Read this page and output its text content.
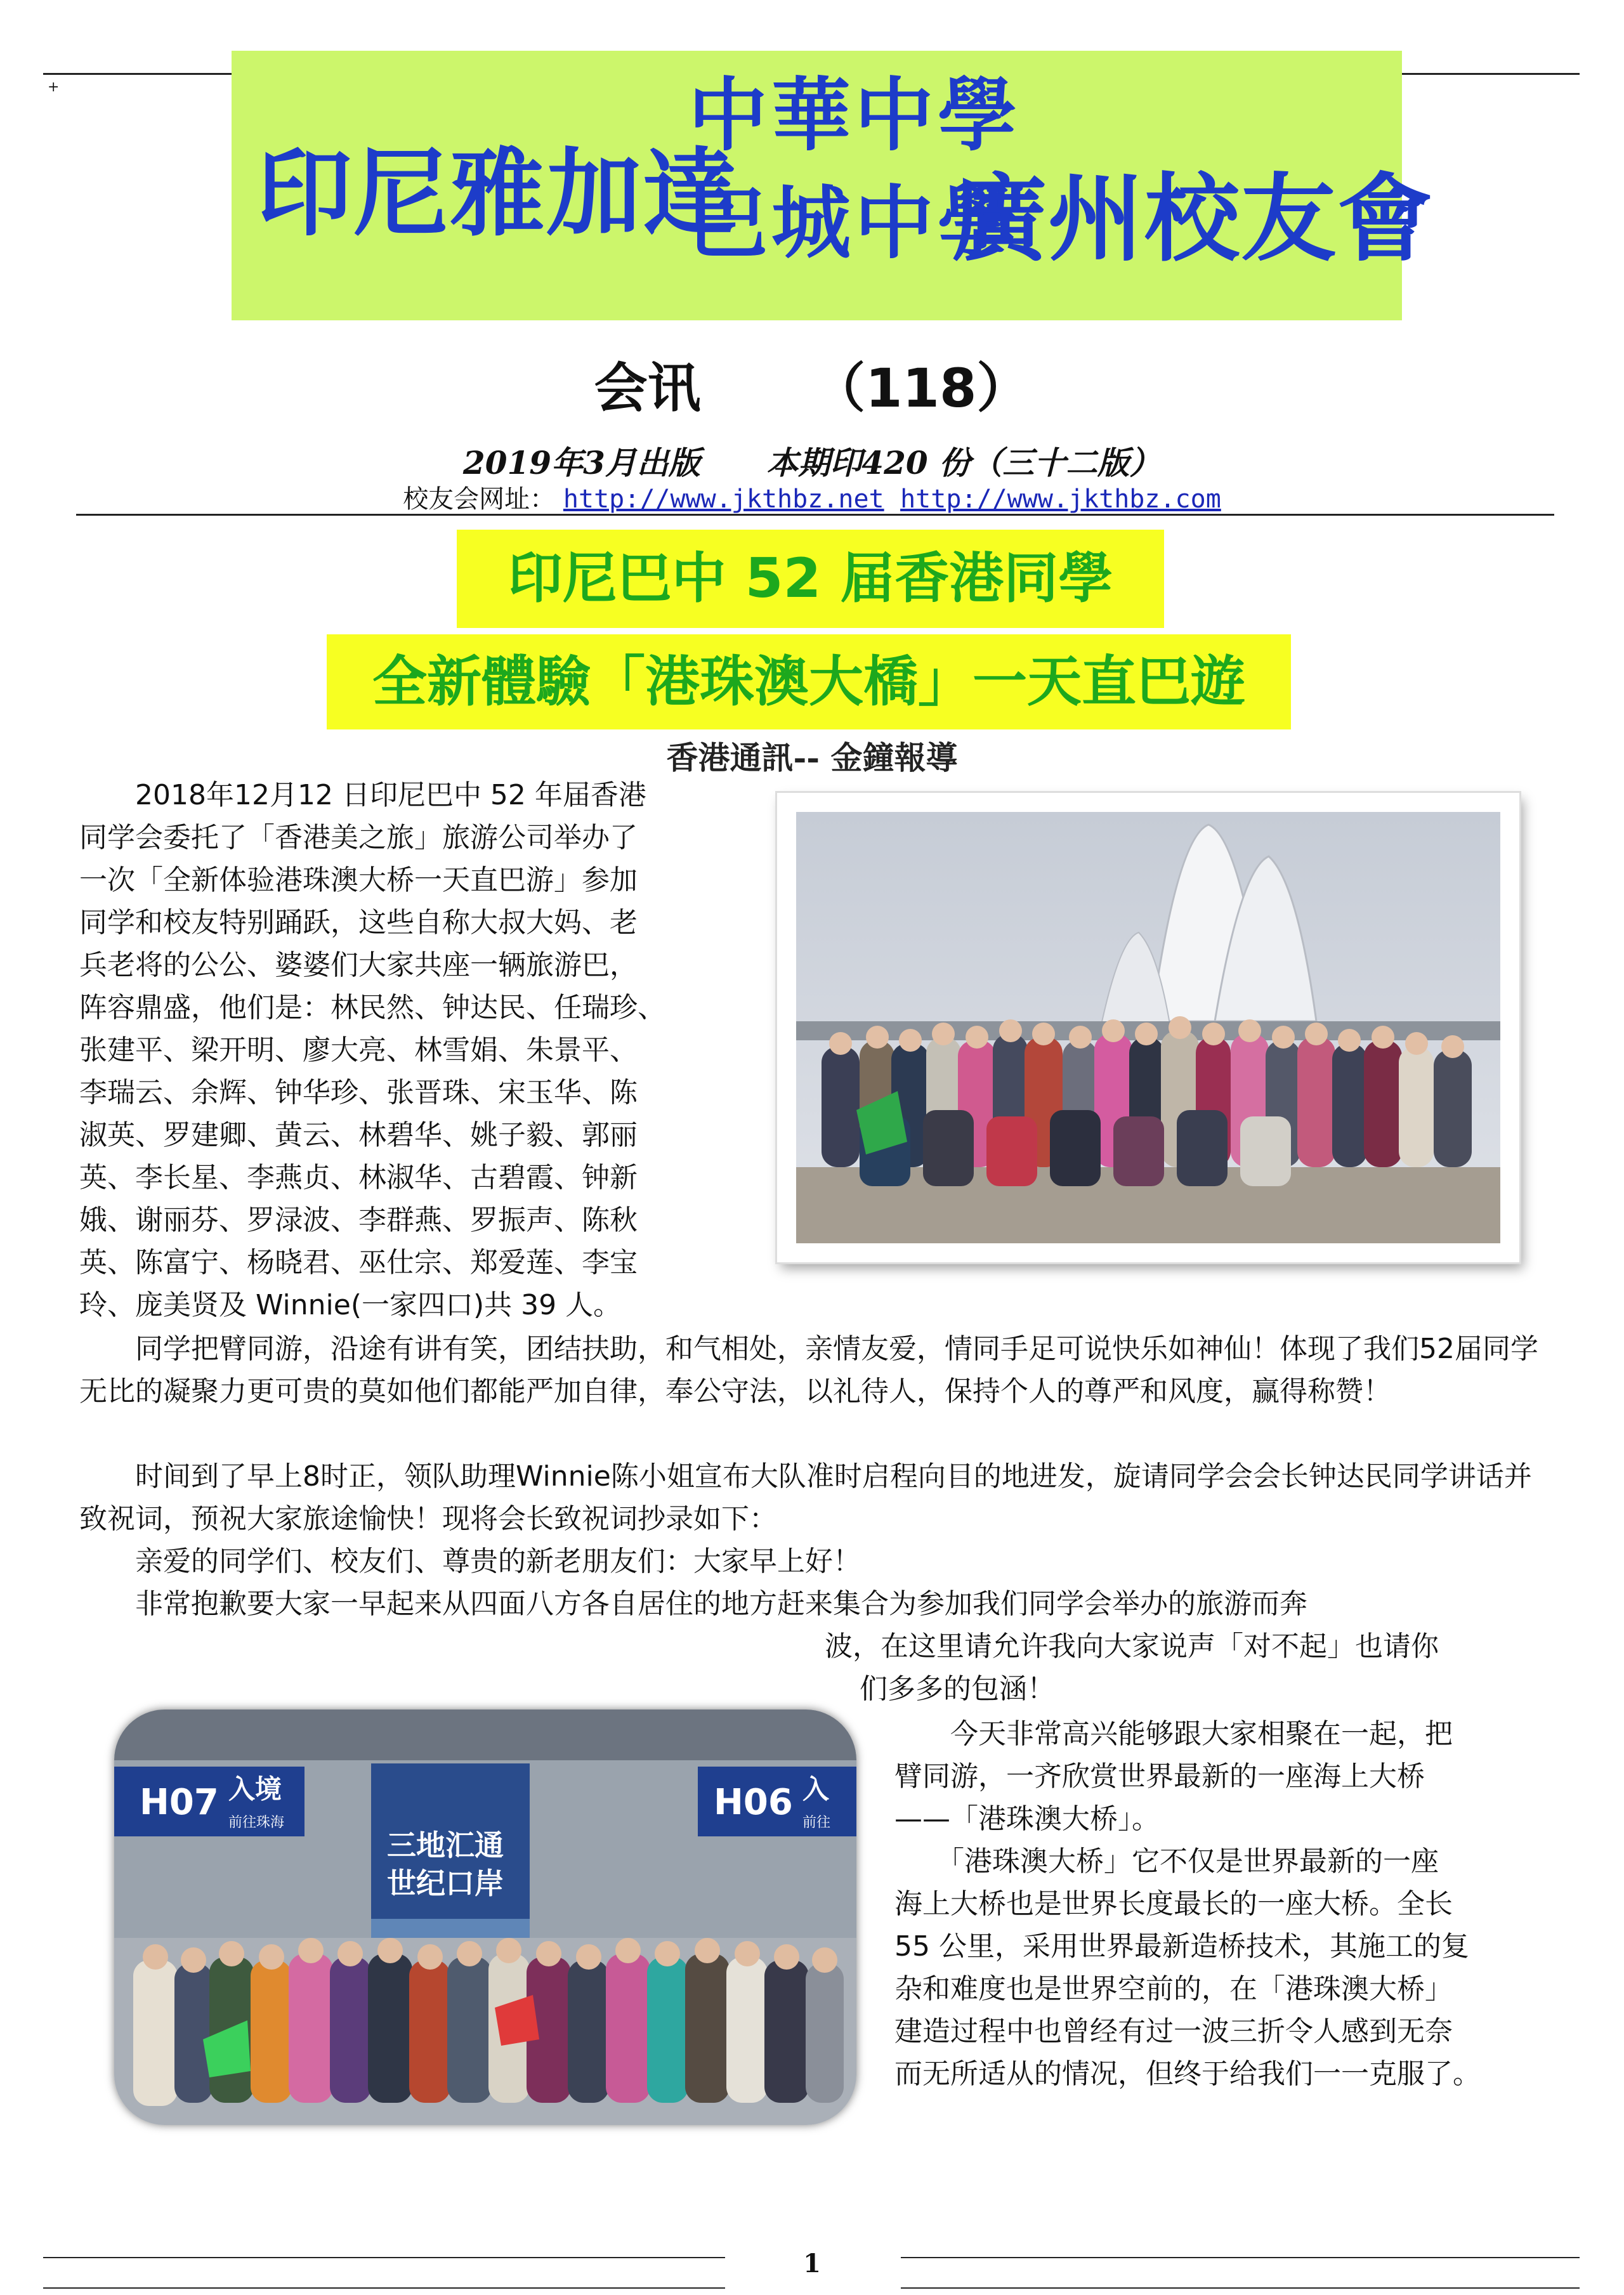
+
印尼雅加達
中華中學
巴城中學
廣州校友會
会讯 （118）
2019年3月出版 本期印420 份（三十二版）
校友会网址： http://www.jkthbz.net http://www.jkthbz.com
印尼巴中 52 届香港同學
全新體驗「港珠澳大橋」一天直巴遊
香港通訊-- 金鐘報導
　　2018年12月12 日印尼巴中 52 年届香港
同学会委托了「香港美之旅」旅游公司举办了
一次「全新体验港珠澳大桥一天直巴游」参加
同学和校友特别踊跃，这些自称大叔大妈、老
兵老将的公公、婆婆们大家共座一辆旅游巴，
阵容鼎盛，他们是：林民然、钟达民、任瑞珍、
张建平、梁开明、廖大亮、林雪娟、朱景平、
李瑞云、余辉、钟华珍、张晋珠、宋玉华、陈
淑英、罗建卿、黄云、林碧华、姚子毅、郭丽
英、李长星、李燕贞、林淑华、古碧霞、钟新
娥、谢丽芬、罗渌波、李群燕、罗振声、陈秋
英、陈富宁、杨晓君、巫仕宗、郑爱莲、李宝
玲、庞美贤及 Winnie(一家四口)共 39 人。

　　同学把臂同游，沿途有讲有笑，团结扶助，和气相处，亲情友爱，情同手足可说快乐如神仙！体现了我们52届同学无比的凝聚力更可贵的莫如他们都能严加自律，奉公守法，以礼待人，保持个人的尊严和风度，赢得称赞！

　　时间到了早上8时正，领队助理Winnie陈小姐宣布大队准时启程向目的地进发，旋请同学会会长钟达民同学讲话并致祝词，预祝大家旅途愉快！现将会长致祝词抄录如下：

　　亲爱的同学们、校友们、尊贵的新老朋友们：大家早上好！

　　非常抱歉要大家一早起来从四面八方各自居住的地方赶来集合为参加我们同学会举办的旅游而奔

波，在这里请允许我向大家说声「对不起」也请你

们多多的包涵！

　　今天非常高兴能够跟大家相聚在一起，把
臂同游，一齐欣赏世界最新的一座海上大桥
——「港珠澳大桥」。
　　「港珠澳大桥」它不仅是世界最新的一座
海上大桥也是世界长度最长的一座大桥。全长
55 公里，采用世界最新造桥技术，其施工的复
杂和难度也是世界空前的，在「港珠澳大桥」
建造过程中也曾经有过一波三折令人感到无奈
而无所适从的情况，但终于给我们一一克服了。
H07 入境
前往珠海	H06 入
前往
三地汇通
世纪口岸
1
